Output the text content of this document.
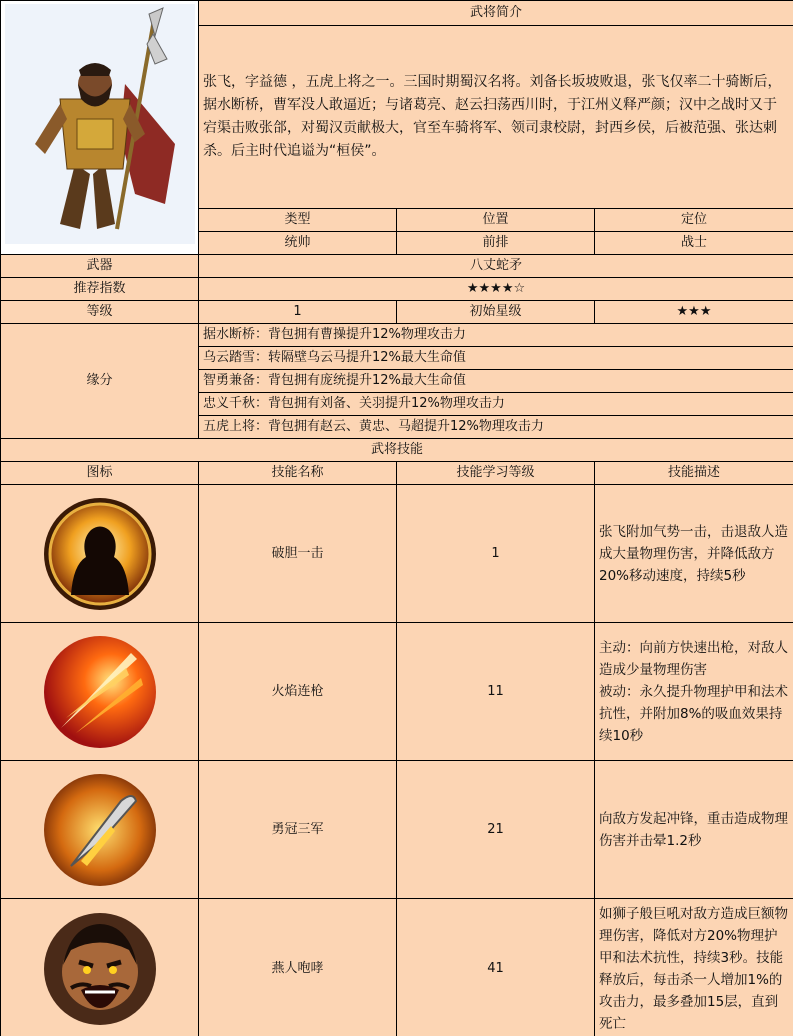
	武将简介		
	张飞，字益德 ，五虎上将之一。三国时期蜀汉名将。刘备长坂坡败退，张飞仅率二十骑断后，据水断桥，曹军没人敢逼近；与诸葛亮、赵云扫荡西川时，于江州义释严颜；汉中之战时又于宕渠击败张郃，对蜀汉贡献极大，官至车骑将军、领司隶校尉，封西乡侯，后被范强、张达刺杀。后主时代追谥为“桓侯”。		
	类型	位置	定位
	统帅	前排	战士
武器	八丈蛇矛		
推荐指数	★★★★☆		
等级	1	初始星级	★★★
缘分	据水断桥：背包拥有曹操提升12%物理攻击力		
	乌云踏雪：转隔壁乌云马提升12%最大生命值		
	智勇兼备：背包拥有庞统提升12%最大生命值		
	忠义千秋：背包拥有刘备、关羽提升12%物理攻击力		
	五虎上将：背包拥有赵云、黄忠、马超提升12%物理攻击力		
武将技能			
图标	技能名称	技能学习等级	技能描述

	破胆一击	1	张飞附加气势一击，击退敌人造成大量物理伤害，并降低敌方20%移动速度，持续5秒

	火焰连枪	11	主动：向前方快速出枪，对敌人造成少量物理伤害
被动：永久提升物理护甲和法术抗性，并附加8%的吸血效果持续10秒

	勇冠三军	21	向敌方发起冲锋，重击造成物理伤害并击晕1.2秒

	燕人咆哮	41	如狮子般巨吼对敌方造成巨额物理伤害，降低对方20%物理护甲和法术抗性，持续3秒。技能释放后，每击杀一人增加1%的攻击力，最多叠加15层，直到死亡
